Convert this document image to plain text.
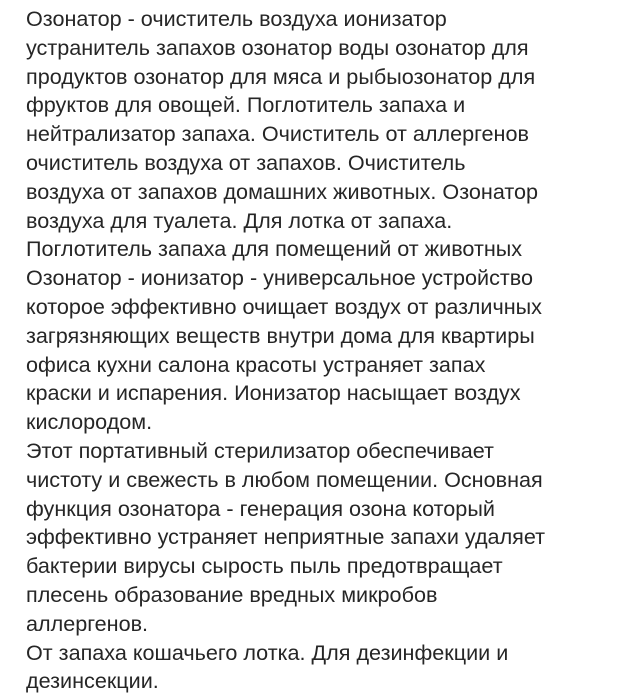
Озонатор - очиститель воздуха ионизатор
устранитель запахов озонатор воды озонатор для
продуктов озонатор для мяса и рыбыозонатор для
фруктов для овощей. Поглотитель запаха и
нейтрализатор запаха. Очиститель от аллергенов
очиститель воздуха от запахов. Очиститель
воздуха от запахов домашних животных. Озонатор
воздуха для туалета. Для лотка от запаха.
Поглотитель запаха для помещений от животных
Озонатор - ионизатор - универсальное устройство
которое эффективно очищает воздух от различных
загрязняющих веществ внутри дома для квартиры
офиса кухни салона красоты устраняет запах
краски и испарения. Ионизатор насыщает воздух
кислородом.
Этот портативный стерилизатор обеспечивает
чистоту и свежесть в любом помещении. Основная
функция озонатора - генерация озона который
эффективно устраняет неприятные запахи удаляет
бактерии вирусы сырость пыль предотвращает
плесень образование вредных микробов
аллергенов.
От запаха кошачьего лотка. Для дезинфекции и
дезинсекции.
